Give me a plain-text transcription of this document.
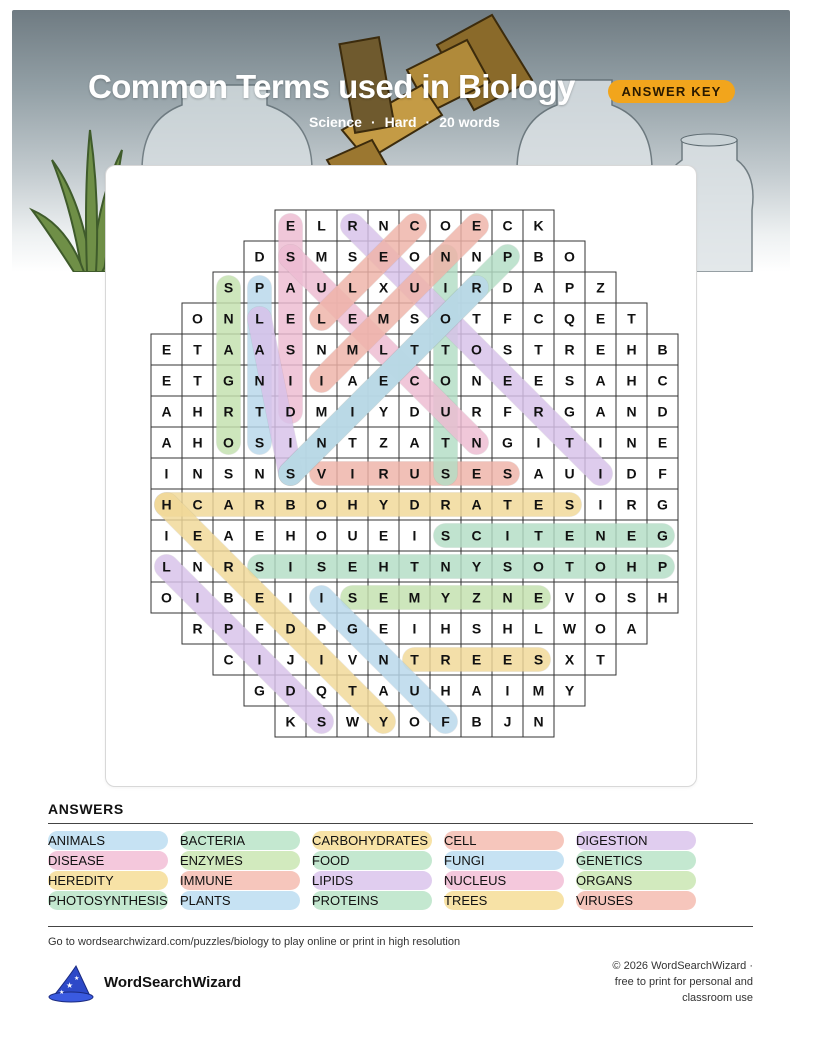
Common Terms used in Biology	ANSWER KEY
Science · Hard · 20 words
E L R N C O E C K
D S M S E O N N P B O
S P A U L X U I R D A P Z
O N L E L E M S O T F C Q E T
E T A A S N M L T T O S T R E H B
E T G N I I A E C O N E E S A H C
A H R T D M I Y D U R F R G A N D
A H O S I N T Z A T N G I T I N E
I N S N S V I R U S E S A U I D F
H C A R B O H Y D R A T E S I R G
I E A E H O U E I S C I T E N E G
L N R S I S E H T N Y S O T O H P
O I B E I I S E M Y Z N E V O S H
R P F D P G E I H S H L W O A
C I J I V N T R E E S X T
G D Q T A U H A I M Y
K S W Y O F B J N
ANSWERS
ANIMALS	BACTERIA	CARBOHYDRATES	CELL	DIGESTION
DISEASE	ENZYMES	FOOD	FUNGI	GENETICS
HEREDITY	IMMUNE	LIPIDS	NUCLEUS	ORGANS
PHOTOSYNTHESIS PLANTS	PROTEINS	TREES	VIRUSES
Go to wordsearchwizard.com/puzzles/biology to play online or print in high resolution
★
★
★
WordSearchWizard
© 2026 WordSearchWizard ·
free to print for personal and
classroom use
